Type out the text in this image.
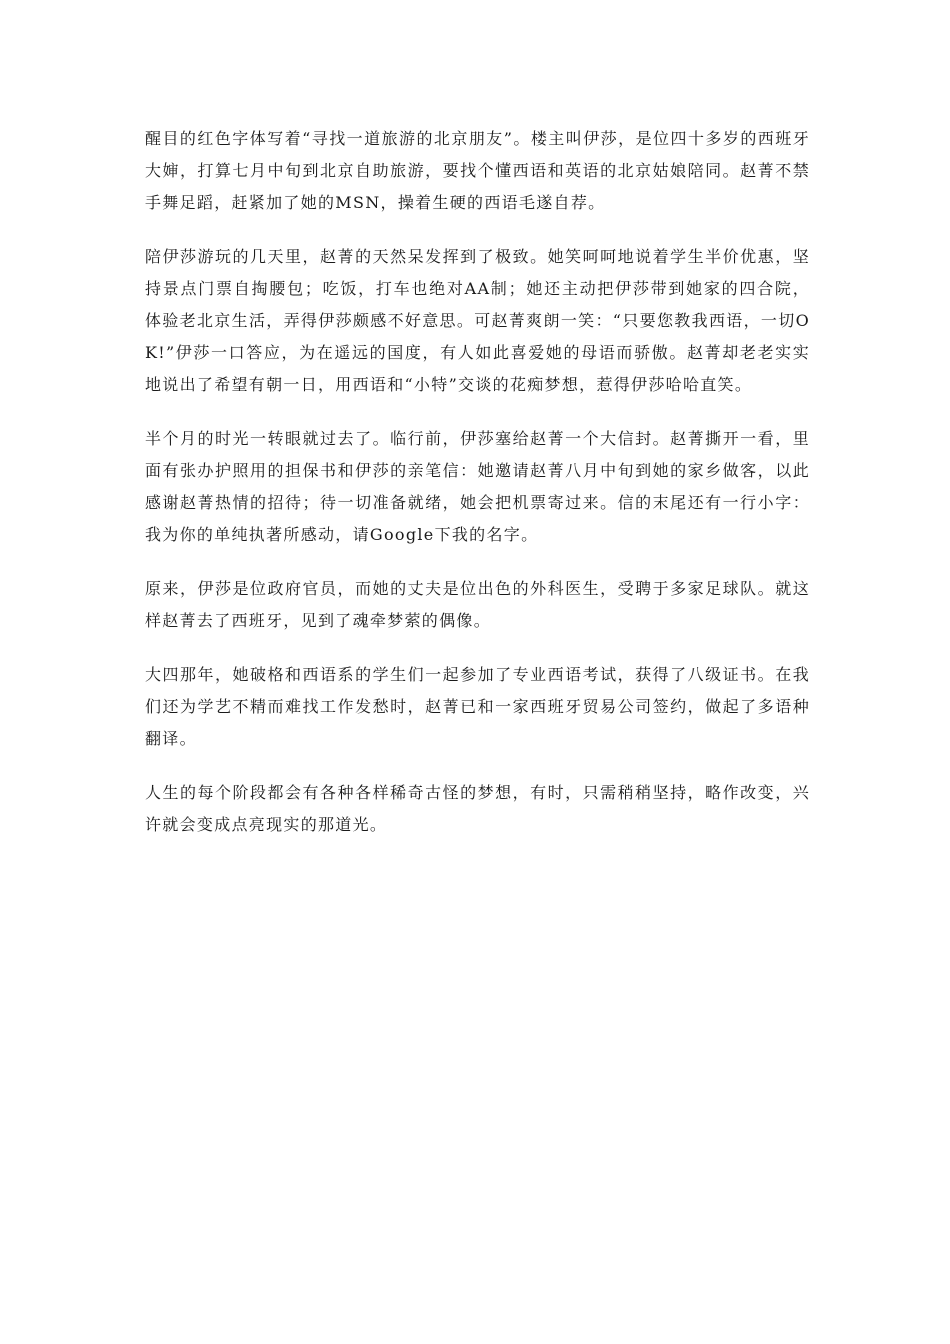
醒目的红色字体写着“寻找一道旅游的北京朋友”。楼主叫伊莎，是位四十多岁的西班牙大婶，打算七月中旬到北京自助旅游，要找个懂西语和英语的北京姑娘陪同。赵菁不禁手舞足蹈，赶紧加了她的MSN，操着生硬的西语毛遂自荐。

陪伊莎游玩的几天里，赵菁的天然呆发挥到了极致。她笑呵呵地说着学生半价优惠，坚持景点门票自掏腰包；吃饭，打车也绝对AA制；她还主动把伊莎带到她家的四合院，体验老北京生活，弄得伊莎颇感不好意思。可赵菁爽朗一笑：“只要您教我西语，一切OK!”伊莎一口答应，为在遥远的国度，有人如此喜爱她的母语而骄傲。赵菁却老老实实地说出了希望有朝一日，用西语和“小特”交谈的花痴梦想，惹得伊莎哈哈直笑。

半个月的时光一转眼就过去了。临行前，伊莎塞给赵菁一个大信封。赵菁撕开一看，里面有张办护照用的担保书和伊莎的亲笔信：她邀请赵菁八月中旬到她的家乡做客，以此感谢赵菁热情的招待；待一切准备就绪，她会把机票寄过来。信的末尾还有一行小字：我为你的单纯执著所感动，请Google下我的名字。

原来，伊莎是位政府官员，而她的丈夫是位出色的外科医生，受聘于多家足球队。就这样赵菁去了西班牙，见到了魂牵梦萦的偶像。

大四那年，她破格和西语系的学生们一起参加了专业西语考试，获得了八级证书。在我们还为学艺不精而难找工作发愁时，赵菁已和一家西班牙贸易公司签约，做起了多语种翻译。

人生的每个阶段都会有各种各样稀奇古怪的梦想，有时，只需稍稍坚持，略作改变，兴许就会变成点亮现实的那道光。
